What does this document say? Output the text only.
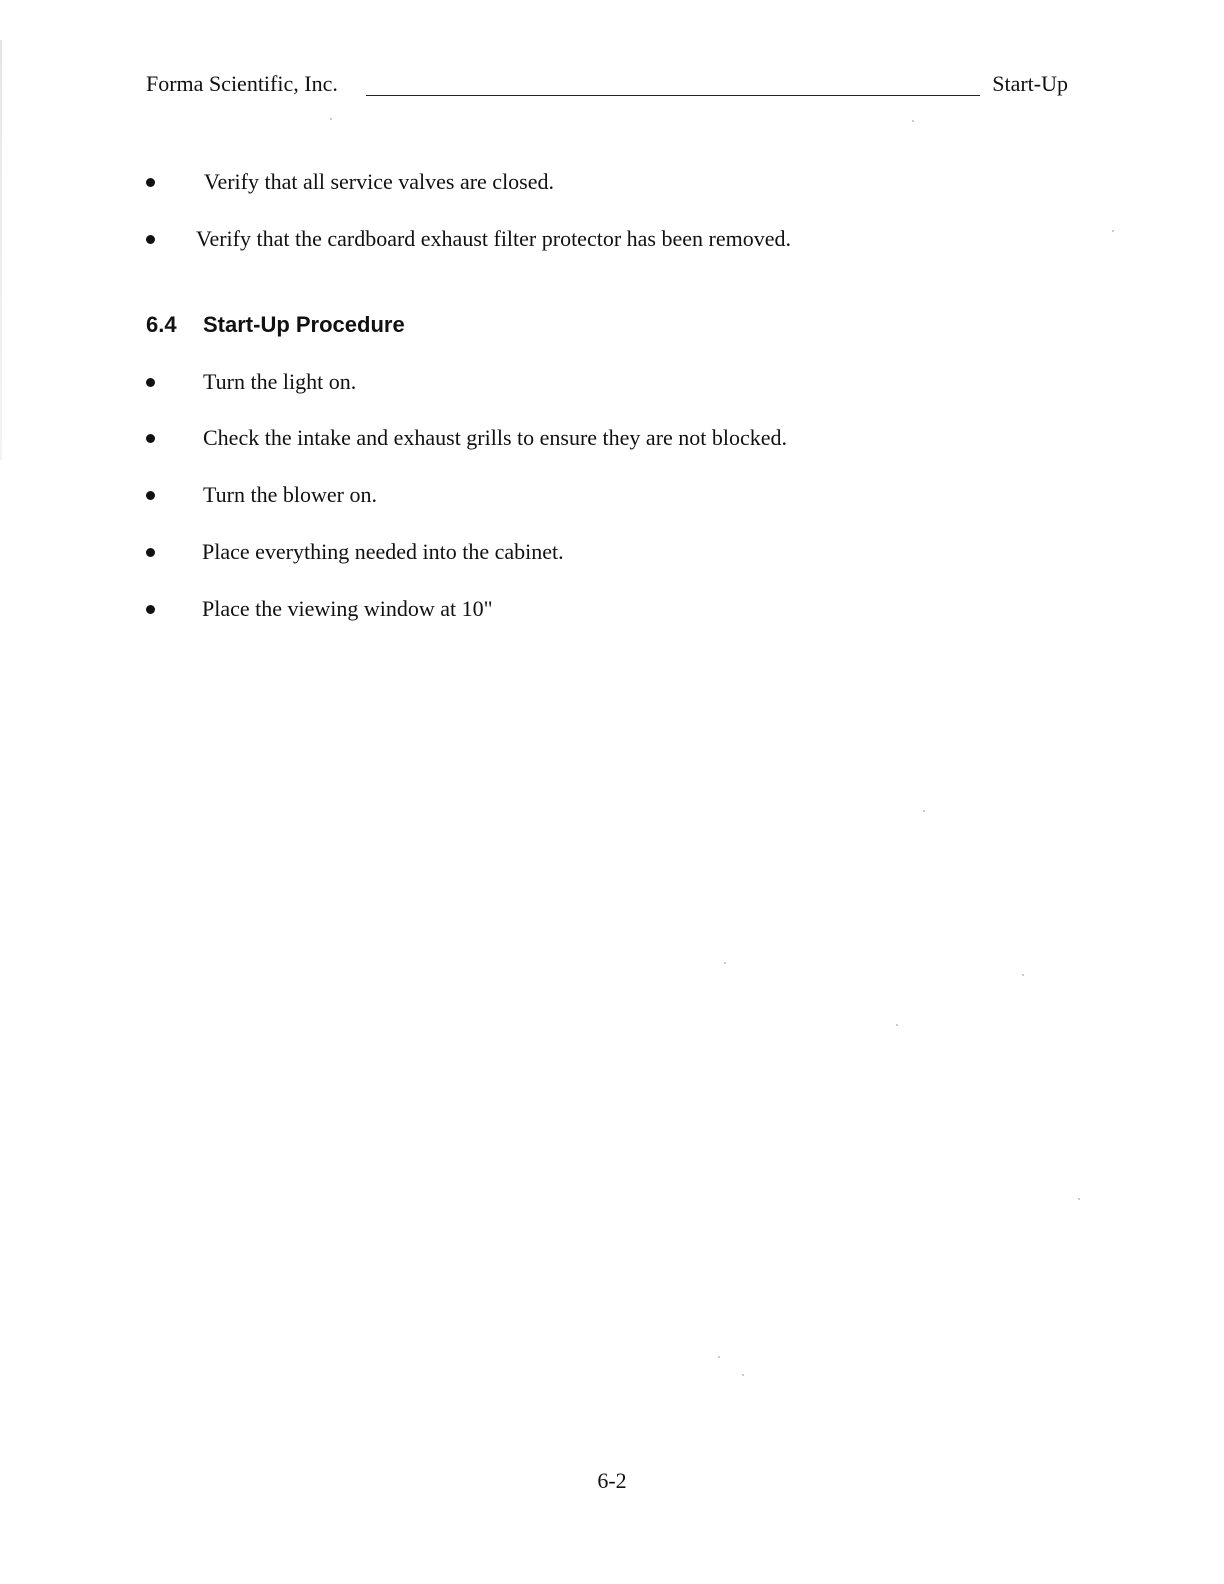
Forma Scientific, Inc.	Start-Up
Verify that all service valves are closed.
Verify that the cardboard exhaust filter protector has been removed.
6.4 Start-Up Procedure
Turn the light on.
Check the intake and exhaust grills to ensure they are not blocked.
Turn the blower on.
Place everything needed into the cabinet.
Place the viewing window at 10"
6-2
